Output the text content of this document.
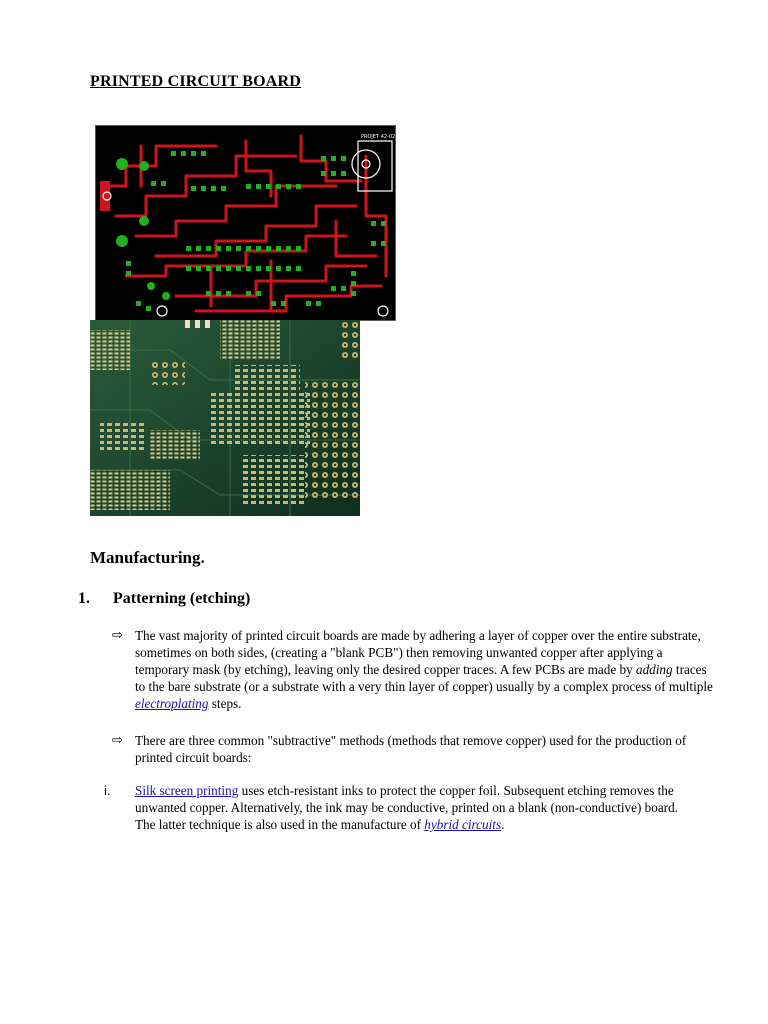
PRINTED CIRCUIT BOARD
PROJET 42-02
Manufacturing.
1. Patterning (etching)
⇨ The vast majority of printed circuit boards are made by adhering a layer of copper over the entire substrate, sometimes on both sides, (creating a "blank PCB") then removing unwanted copper after applying a temporary mask (by etching), leaving only the desired copper traces. A few PCBs are made by adding traces to the bare substrate (or a substrate with a very thin layer of copper) usually by a complex process of multiple electroplating steps.
⇨ There are three common "subtractive" methods (methods that remove copper) used for the production of printed circuit boards:
i. Silk screen printing uses etch-resistant inks to protect the copper foil. Subsequent etching removes the unwanted copper. Alternatively, the ink may be conductive, printed on a blank (non-conductive) board. The latter technique is also used in the manufacture of hybrid circuits.
